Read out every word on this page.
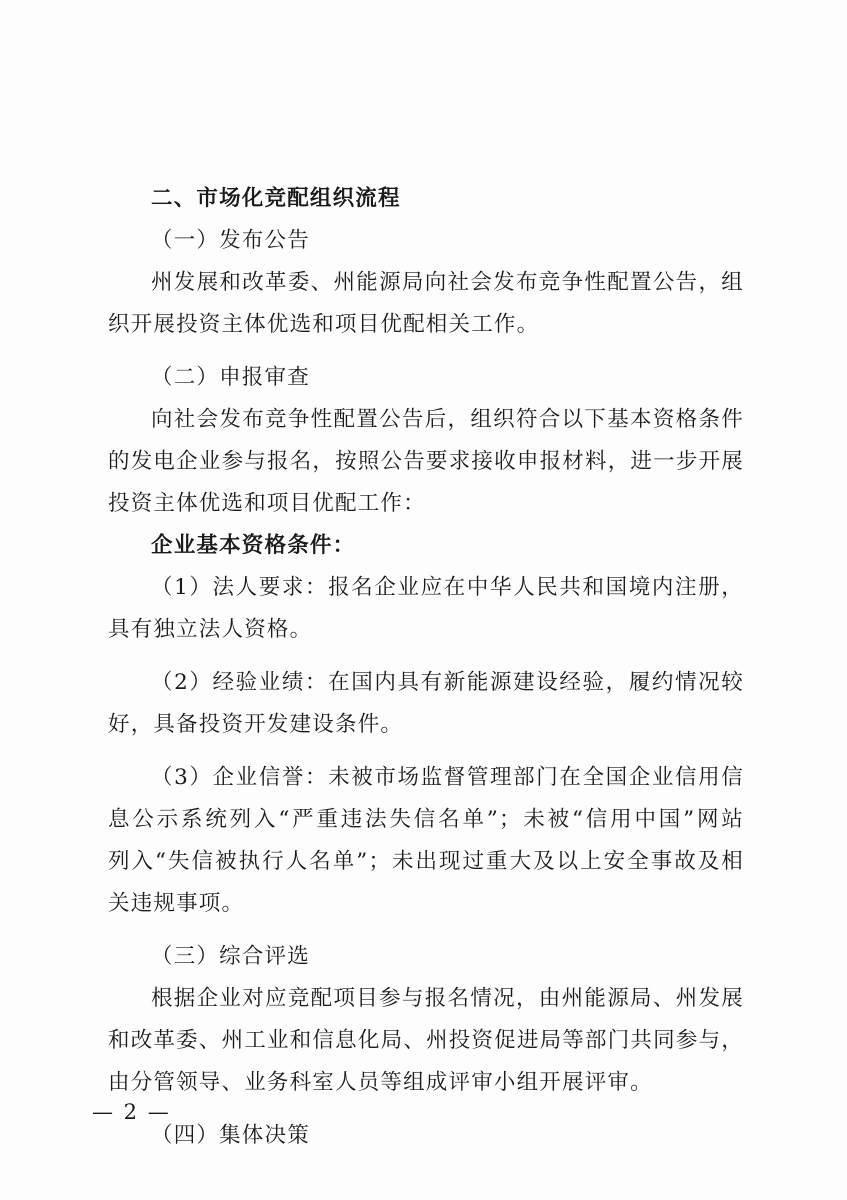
二、市场化竞配组织流程
（一）发布公告
州发展和改革委、州能源局向社会发布竞争性配置公告，组
织开展投资主体优选和项目优配相关工作。
（二）申报审查
向社会发布竞争性配置公告后，组织符合以下基本资格条件
的发电企业参与报名，按照公告要求接收申报材料，进一步开展
投资主体优选和项目优配工作：
企业基本资格条件：
（1）法人要求：报名企业应在中华人民共和国境内注册，
具有独立法人资格。
（2）经验业绩：在国内具有新能源建设经验，履约情况较
好，具备投资开发建设条件。
（3）企业信誉：未被市场监督管理部门在全国企业信用信
息公示系统列入“严重违法失信名单”；未被“信用中国”网站
列入“失信被执行人名单”；未出现过重大及以上安全事故及相
关违规事项。
（三）综合评选
根据企业对应竞配项目参与报名情况，由州能源局、州发展
和改革委、州工业和信息化局、州投资促进局等部门共同参与，
由分管领导、业务科室人员等组成评审小组开展评审。
（四）集体决策
— 2 —
